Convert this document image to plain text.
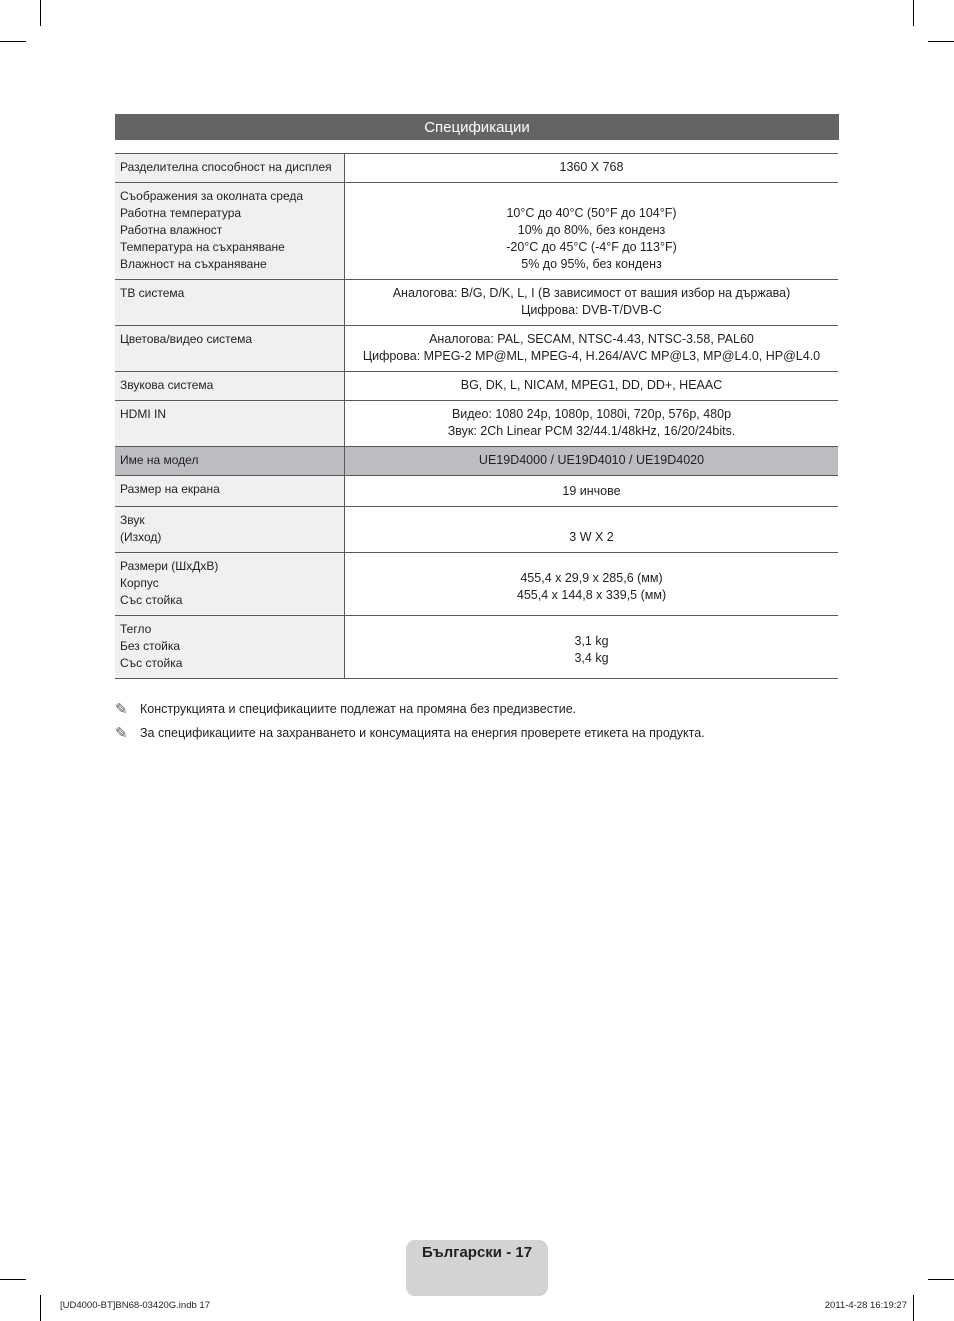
Спецификации
Разделителна способност на дисплея	1360 X 768

Съображения за околната среда
Работна температура
Работна влажност
Температура на съхраняване
Влажност на съхраняване	10°C до 40°C (50°F до 104°F)
10% до 80%, без конденз
-20°C до 45°C (-4°F до 113°F)
5% до 95%, без конденз

ТВ система	Аналогова: B/G, D/K, L, I (В зависимост от вашия избор на държава)
Цифрова: DVB-T/DVB-C

Цветова/видео система	Аналогова: PAL, SECAM, NTSC-4.43, NTSC-3.58, PAL60
Цифрова: MPEG-2 MP@ML, MPEG-4, H.264/AVC MP@L3, MP@L4.0, HP@L4.0

Звукова система	BG, DK, L, NICAM, MPEG1, DD, DD+, HEAAC

HDMI IN	Видео: 1080 24p, 1080p, 1080i, 720p, 576p, 480p
Звук: 2Ch Linear PCM 32/44.1/48kHz, 16/20/24bits.

Име на модел	UE19D4000 / UE19D4010 / UE19D4020

Размер на екрана	19 инчове

Звук
(Изход)	3 W X 2

Размери (ШхДхВ)
Корпус
Със стойка	455,4 x 29,9 x 285,6 (мм)
455,4 x 144,8 x 339,5 (мм)

Тегло
Без стойка
Със стойка	3,1 kg
3,4 kg
✎ Конструкцията и спецификациите подлежат на промяна без предизвестие.
✎ За спецификациите на захранването и консумацията на енергия проверете етикета на продукта.
Български - 17
[UD4000-BT]BN68-03420G.indb 17	2011-4-28 16:19:27
